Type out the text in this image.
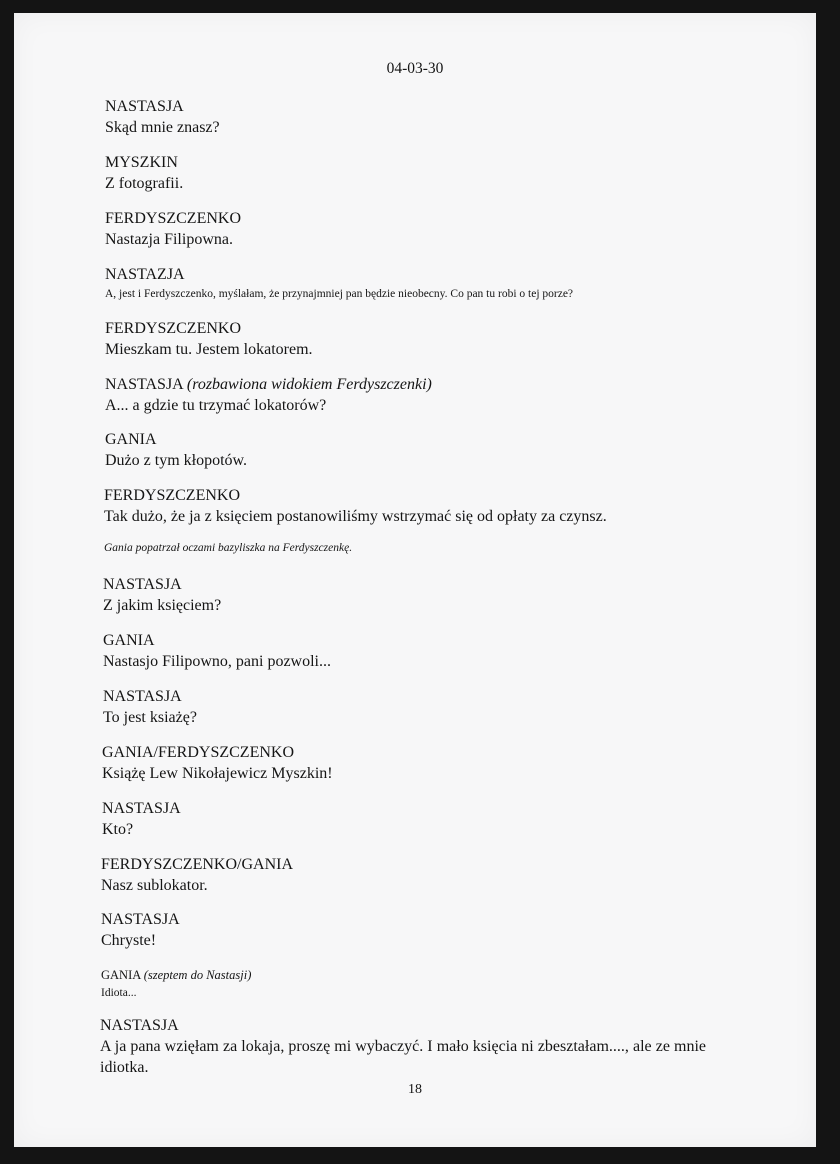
04-03-30
NASTASJA
Skąd mnie znasz?
MYSZKIN
Z fotografii.
FERDYSZCZENKO
Nastazja Filipowna.
NASTAZJA
A, jest i Ferdyszczenko, myślałam, że przynajmniej pan będzie nieobecny. Co pan tu robi o tej porze?
FERDYSZCZENKO
Mieszkam tu. Jestem lokatorem.
NASTASJA (rozbawiona widokiem Ferdyszczenki)
A... a gdzie tu trzymać lokatorów?
GANIA
Dużo z tym kłopotów.
FERDYSZCZENKO
Tak dużo, że ja z księciem postanowiliśmy wstrzymać się od opłaty za czynsz.
Gania popatrzał oczami bazyliszka na Ferdyszczenkę.
NASTASJA
Z jakim księciem?
GANIA
Nastasjo Filipowno, pani pozwoli...
NASTASJA
To jest ksiażę?
GANIA/FERDYSZCZENKO
Książę Lew Nikołajewicz Myszkin!
NASTASJA
Kto?
FERDYSZCZENKO/GANIA
Nasz sublokator.
NASTASJA
Chryste!
GANIA (szeptem do Nastasji)
Idiota...
NASTASJA
A ja pana wzięłam za lokaja, proszę mi wybaczyć. I mało księcia ni zbeształam...., ale ze mnie idiotka.
18
